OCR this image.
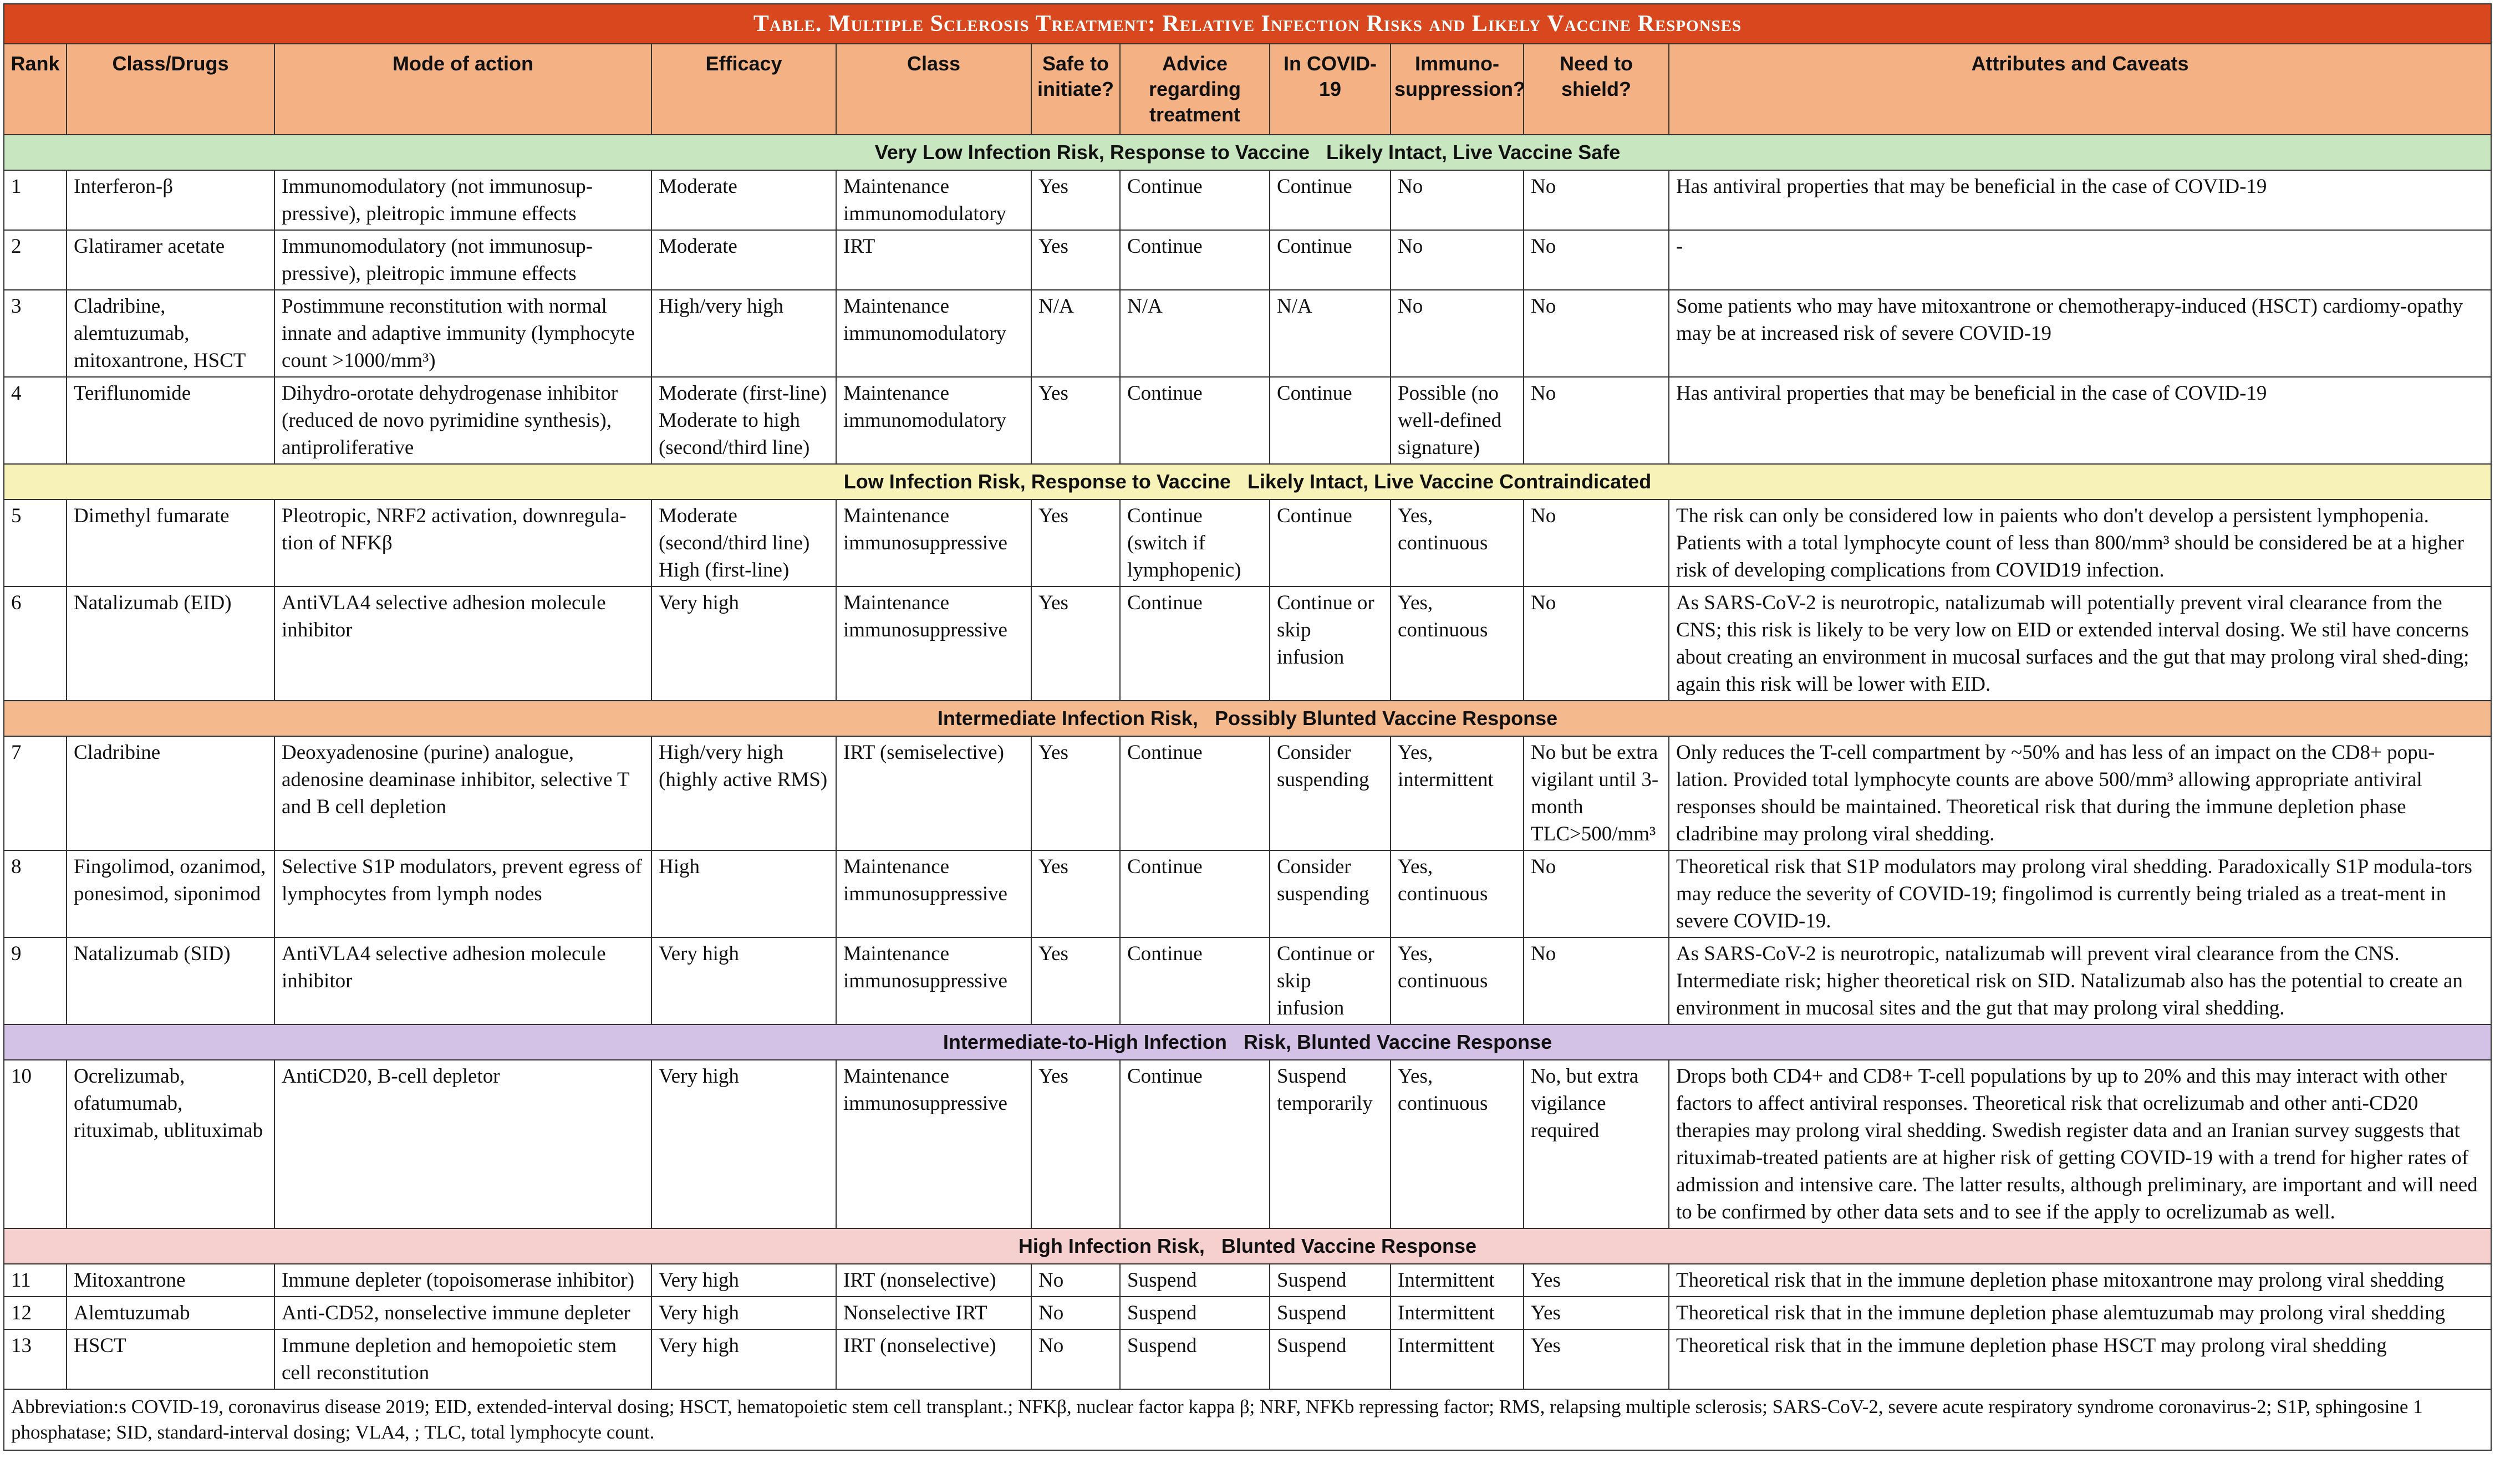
Table. Multiple Sclerosis Treatment: Relative Infection Risks and Likely Vaccine Responses										
Rank	Class/Drugs	Mode of action	Efficacy	Class	Safe to initiate?	Advice regarding treatment	In COVID-19	Immuno-suppression?	Need to shield?	Attributes and Caveats
Very Low Infection Risk, Response to Vaccine   Likely Intact, Live Vaccine Safe										
1	Interferon-β	Immunomodulatory (not immunosup-pressive), pleitropic immune effects	Moderate	Maintenance immunomodulatory	Yes	Continue	Continue	No	No	Has antiviral properties that may be beneficial in the case of COVID-19
2	Glatiramer acetate	Immunomodulatory (not immunosup-pressive), pleitropic immune effects	Moderate	IRT	Yes	Continue	Continue	No	No	-
3	Cladribine, alemtuzumab, mitoxantrone, HSCT	Postimmune reconstitution with normal innate and adaptive immunity (lymphocyte count >1000/mm³)	High/very high	Maintenance immunomodulatory	N/A	N/A	N/A	No	No	Some patients who may have mitoxantrone or chemotherapy-induced (HSCT) cardiomy-opathy may be at increased risk of severe COVID-19
4	Teriflunomide	Dihydro-orotate dehydrogenase inhibitor (reduced de novo pyrimidine synthesis), antiproliferative	Moderate (first-line) Moderate to high (second/third line)	Maintenance immunomodulatory	Yes	Continue	Continue	Possible (no well-defined signature)	No	Has antiviral properties that may be beneficial in the case of COVID-19
Low Infection Risk, Response to Vaccine   Likely Intact, Live Vaccine Contraindicated										
5	Dimethyl fumarate	Pleotropic, NRF2 activation, downregula-tion of NFKβ	Moderate (second/third line) High (first-line)	Maintenance immunosuppressive	Yes	Continue (switch if lymphopenic)	Continue	Yes, continuous	No	The risk can only be considered low in paients who don't develop a persistent lymphopenia. Patients with a total lymphocyte count of less than 800/mm³ should be considered be at a higher risk of developing complications from COVID19 infection.
6	Natalizumab (EID)	AntiVLA4 selective adhesion molecule inhibitor	Very high	Maintenance immunosuppressive	Yes	Continue	Continue or skip infusion	Yes, continuous	No	As SARS-CoV-2 is neurotropic, natalizumab will potentially prevent viral clearance from the CNS; this risk is likely to be very low on EID or extended interval dosing. We stil have concerns about creating an environment in mucosal surfaces and the gut that may prolong viral shed-ding; again this risk will be lower with EID.
Intermediate Infection Risk,   Possibly Blunted Vaccine Response										
7	Cladribine	Deoxyadenosine (purine) analogue, adenosine deaminase inhibitor, selective T and B cell depletion	High/very high (highly active RMS)	IRT (semiselective)	Yes	Continue	Consider suspending	Yes, intermittent	No but be extra vigilant until 3-month TLC>500/mm³	Only reduces the T-cell compartment by ~50% and has less of an impact on the CD8+ popu-lation. Provided total lymphocyte counts are above 500/mm³ allowing appropriate antiviral responses should be maintained. Theoretical risk that during the immune depletion phase cladribine may prolong viral shedding.
8	Fingolimod, ozanimod, ponesimod, siponimod	Selective S1P modulators, prevent egress of lymphocytes from lymph nodes	High	Maintenance immunosuppressive	Yes	Continue	Consider suspending	Yes, continuous	No	Theoretical risk that S1P modulators may prolong viral shedding. Paradoxically S1P modula-tors may reduce the severity of COVID-19; fingolimod is currently being trialed as a treat-ment in severe COVID-19.
9	Natalizumab (SID)	AntiVLA4 selective adhesion molecule inhibitor	Very high	Maintenance immunosuppressive	Yes	Continue	Continue or skip infusion	Yes, continuous	No	As SARS-CoV-2 is neurotropic, natalizumab will prevent viral clearance from the CNS. Intermediate risk; higher theoretical risk on SID. Natalizumab also has the potential to create an environment in mucosal sites and the gut that may prolong viral shedding.
Intermediate-to-High Infection   Risk, Blunted Vaccine Response										
10	Ocrelizumab, ofatumumab, rituximab, ublituximab	AntiCD20, B-cell depletor	Very high	Maintenance immunosuppressive	Yes	Continue	Suspend temporarily	Yes, continuous	No, but extra vigilance required	Drops both CD4+ and CD8+ T-cell populations by up to 20% and this may interact with other factors to affect antiviral responses. Theoretical risk that ocrelizumab and other anti-CD20 therapies may prolong viral shedding. Swedish register data and an Iranian survey suggests that rituximab-treated patients are at higher risk of getting COVID-19 with a trend for higher rates of admission and intensive care. The latter results, although preliminary, are important and will need to be confirmed by other data sets and to see if the apply to ocrelizumab as well.
High Infection Risk,   Blunted Vaccine Response										
11	Mitoxantrone	Immune depleter (topoisomerase inhibitor)	Very high	IRT (nonselective)	No	Suspend	Suspend	Intermittent	Yes	Theoretical risk that in the immune depletion phase mitoxantrone may prolong viral shedding
12	Alemtuzumab	Anti-CD52, nonselective immune depleter	Very high	Nonselective IRT	No	Suspend	Suspend	Intermittent	Yes	Theoretical risk that in the immune depletion phase alemtuzumab may prolong viral shedding
13	HSCT	Immune depletion and hemopoietic stem cell reconstitution	Very high	IRT (nonselective)	No	Suspend	Suspend	Intermittent	Yes	Theoretical risk that in the immune depletion phase HSCT may prolong viral shedding
Abbreviation:s COVID-19, coronavirus disease 2019; EID, extended-interval dosing; HSCT, hematopoietic stem cell transplant.; NFKβ, nuclear factor kappa β; NRF, NFKb repressing factor; RMS, relapsing multiple sclerosis; SARS-CoV-2, severe acute respiratory syndrome coronavirus-2; S1P, sphingosine 1 phosphatase; SID, standard-interval dosing; VLA4, ; TLC, total lymphocyte count.										
